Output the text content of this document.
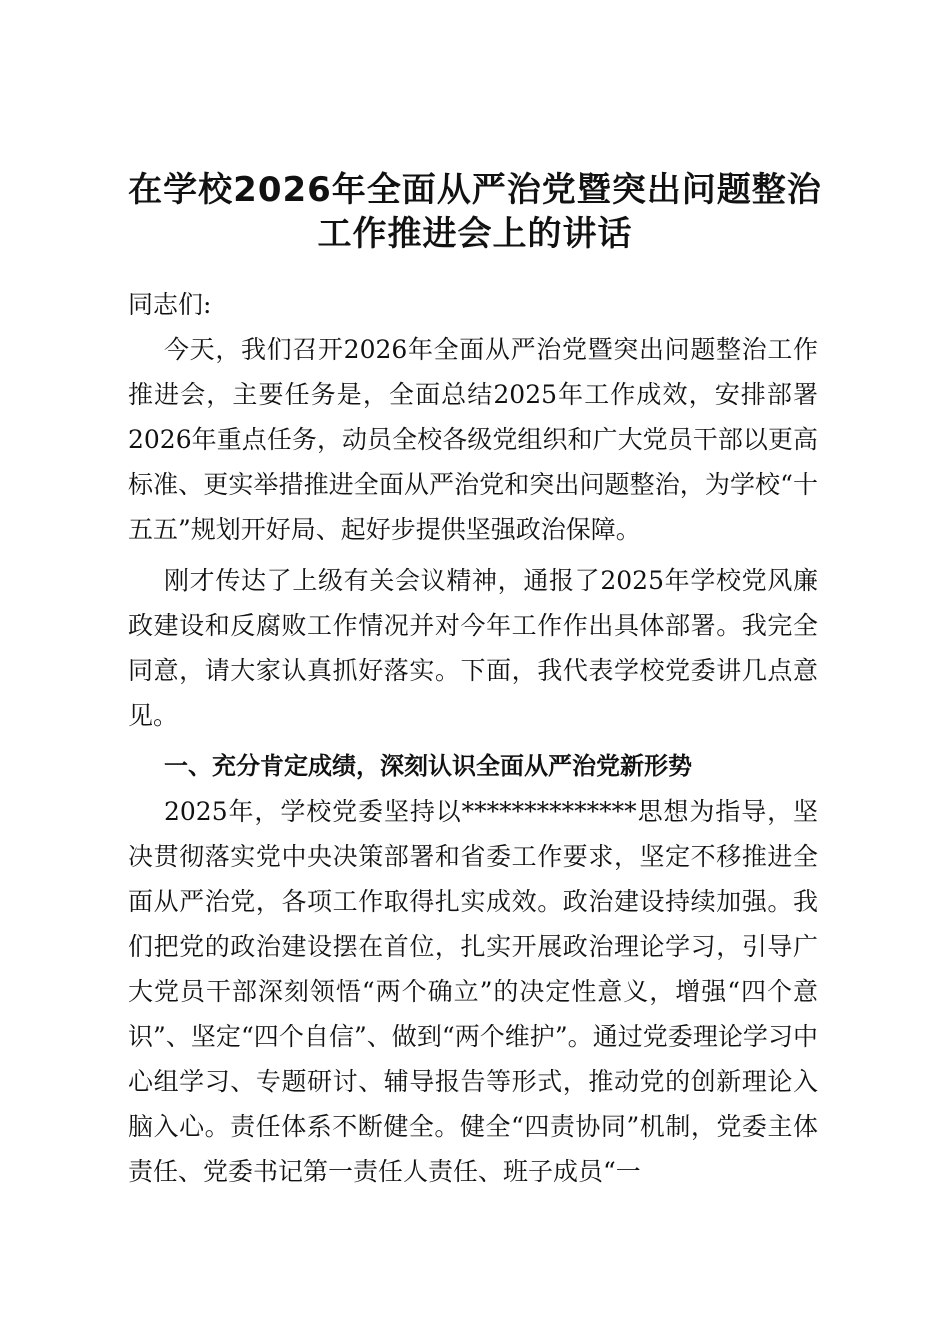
在学校2026年全面从严治党暨突出问题整治
工作推进会上的讲话

同志们:

今天，我们召开2026年全面从严治党暨突出问题整治工作推进会，主要任务是，全面总结2025年工作成效，安排部署2026年重点任务，动员全校各级党组织和广大党员干部以更高标准、更实举措推进全面从严治党和突出问题整治，为学校“十五五”规划开好局、起好步提供坚强政治保障。

刚才传达了上级有关会议精神，通报了2025年学校党风廉政建设和反腐败工作情况并对今年工作作出具体部署。我完全同意，请大家认真抓好落实。下面，我代表学校党委讲几点意见。

一、充分肯定成绩，深刻认识全面从严治党新形势

2025年，学校党委坚持以**************思想为指导，坚决贯彻落实党中央决策部署和省委工作要求，坚定不移推进全面从严治党，各项工作取得扎实成效。政治建设持续加强。我们把党的政治建设摆在首位，扎实开展政治理论学习，引导广大党员干部深刻领悟“两个确立”的决定性意义，增强“四个意识”、坚定“四个自信”、做到“两个维护”。通过党委理论学习中心组学习、专题研讨、辅导报告等形式，推动党的创新理论入脑入心。责任体系不断健全。健全“四责协同”机制，党委主体责任、党委书记第一责任人责任、班子成员“一
